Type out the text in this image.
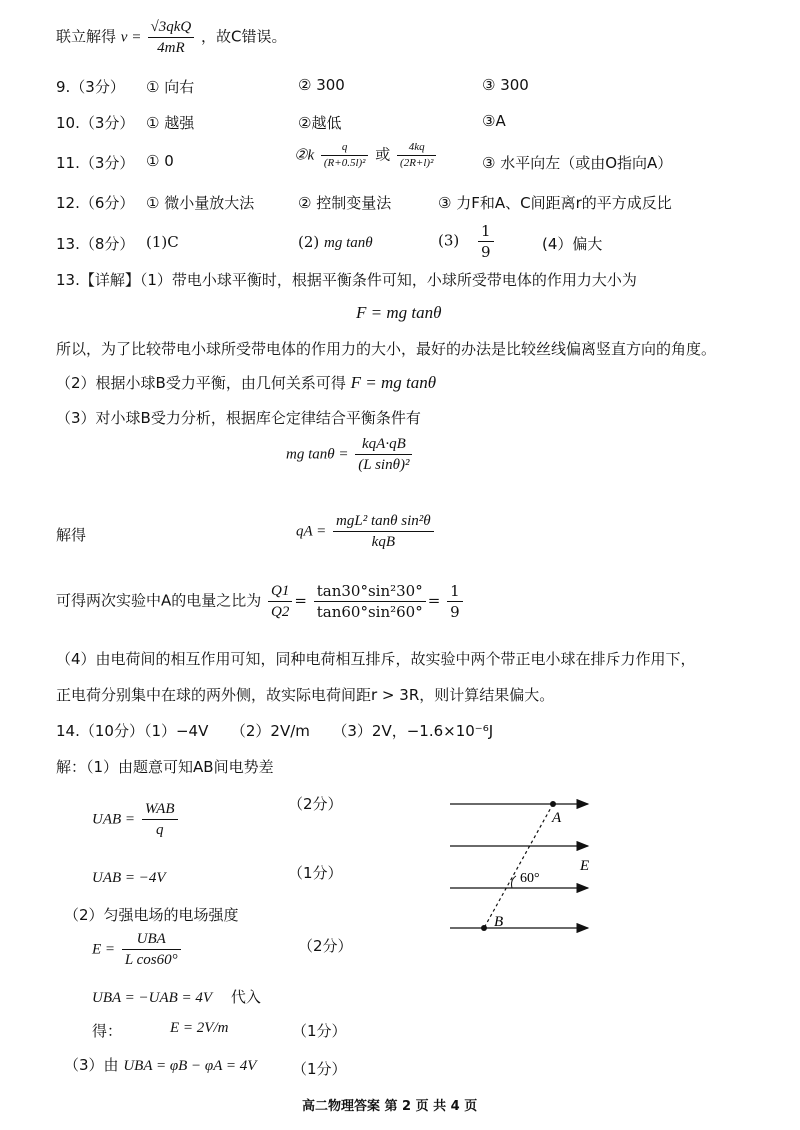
联立解得 $v = \frac{\text{√3qkQ}}{4mR}$ ，故C错误。
9.（3分） ① 向右	② 300	③ 300
10.（3分） ① 越强	②越低	③A
11.（3分） ① 0	②k $\frac{q}{\text{(R+0.5l)²}}$ 或 $\frac{4kq}{\text{(2R+l)²}}$	③ 水平向左（或由O指向A）
12.（6分） ① 微小量放大法	② 控制变量法	③ 力F和A、C间距离r的平方成反比
13.（8分） (1)C	(2) mg tanθ	$(3) \frac{1}{9}$	(4）偏大
13.【详解】（1）带电小球平衡时，根据平衡条件可知，小球所受带电体的作用力大小为
F = mg tanθ
所以，为了比较带电小球所受带电体的作用力的大小，最好的办法是比较丝线偏离竖直方向的角度。
（2）根据小球B受力平衡，由几何关系可得 F = mg tanθ
（3）对小球B受力分析，根据库仑定律结合平衡条件有
mg $\tan\theta = \frac{\text{kqA·qB}}{\text{(L sinθ)²}}$
解得	qA = $\frac{\text{mgL² tanθ sin²θ}}{\text{kqB}}$
可得两次实验中A的电量之比为 $\frac{Q1}{Q2} = \frac{\text{tan30°sin²30°}}{\text{tan60°sin²60°}} = \frac{1}{9}$
（4）由电荷间的相互作用可知，同种电荷相互排斥，故实验中两个带正电小球在排斥力作用下，
正电荷分别集中在球的两外侧，故实际电荷间距r > 3R，则计算结果偏大。
14.（10分）（1）−4V　　（2）2V/m　　（3）2V，−1.6×10⁻⁶J
解：（1）由题意可知AB间电势差
UAB = $\frac{\text{WAB}}{q}$	（2分）
UAB = −4V	（1分）
（2）匀强电场的电场强度
$E = \frac{\text{UBA}}{\text{L cos60°}}$	（2分）
UBA = −UAB = 4V 代入
得：	E = 2V/m	（1分）
（3）由 UBA = φB − φA = 4V （1分）
A
B
E
60°
高二物理答案 第 2 页 共 4 页
